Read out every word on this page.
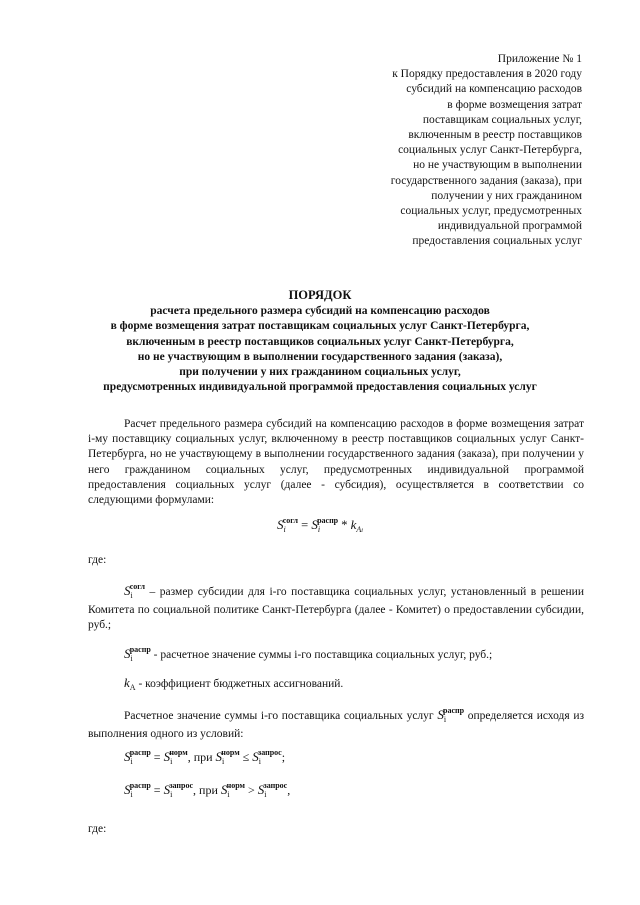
Приложение № 1
к Порядку предоставления в 2020 году
субсидий на компенсацию расходов
в форме возмещения затрат
поставщикам социальных услуг,
включенным в реестр поставщиков
социальных услуг Санкт-Петербурга,
но не участвующим в выполнении
государственного задания (заказа), при
получении у них гражданином
социальных услуг, предусмотренных
индивидуальной программой
предоставления социальных услуг
ПОРЯДОК
расчета предельного размера субсидий на компенсацию расходов
в форме возмещения затрат поставщикам социальных услуг Санкт-Петербурга,
включенным в реестр поставщиков социальных услуг Санкт-Петербурга,
но не участвующим в выполнении государственного задания (заказа),
при получении у них гражданином социальных услуг,
предусмотренных индивидуальной программой предоставления социальных услуг
Расчет предельного размера субсидий на компенсацию расходов в форме возмещения затрат i-му поставщику социальных услуг, включенному в реестр поставщиков социальных услуг Санкт-Петербурга, но не участвующему в выполнении государственного задания (заказа), при получении у него гражданином социальных услуг, предусмотренных индивидуальной программой предоставления социальных услуг (далее - субсидия), осуществляется в соответствии со следующими формулами:
$S_i^{согл} = S_i^{распр} * k_{Ai}$
где:
$S_i^{согл}$ – размер субсидии для i-го поставщика социальных услуг, установленный в решении Комитета по социальной политике Санкт-Петербурга (далее - Комитет) о предоставлении субсидии, руб.;
$S_i^{распр}$ - расчетное значение суммы i-го поставщика социальных услуг, руб.;
$k_A$ - коэффициент бюджетных ассигнований.
Расчетное значение суммы i-го поставщика социальных услуг $S_i^{распр}$ определяется исходя из выполнения одного из условий:
$S_i^{распр} = S_i^{норм}$, при $S_i^{норм} \le S_i^{запрос}$;
$S_i^{распр} = S_i^{запрос}$, при $S_i^{норм} > S_i^{запрос}$,
где:
